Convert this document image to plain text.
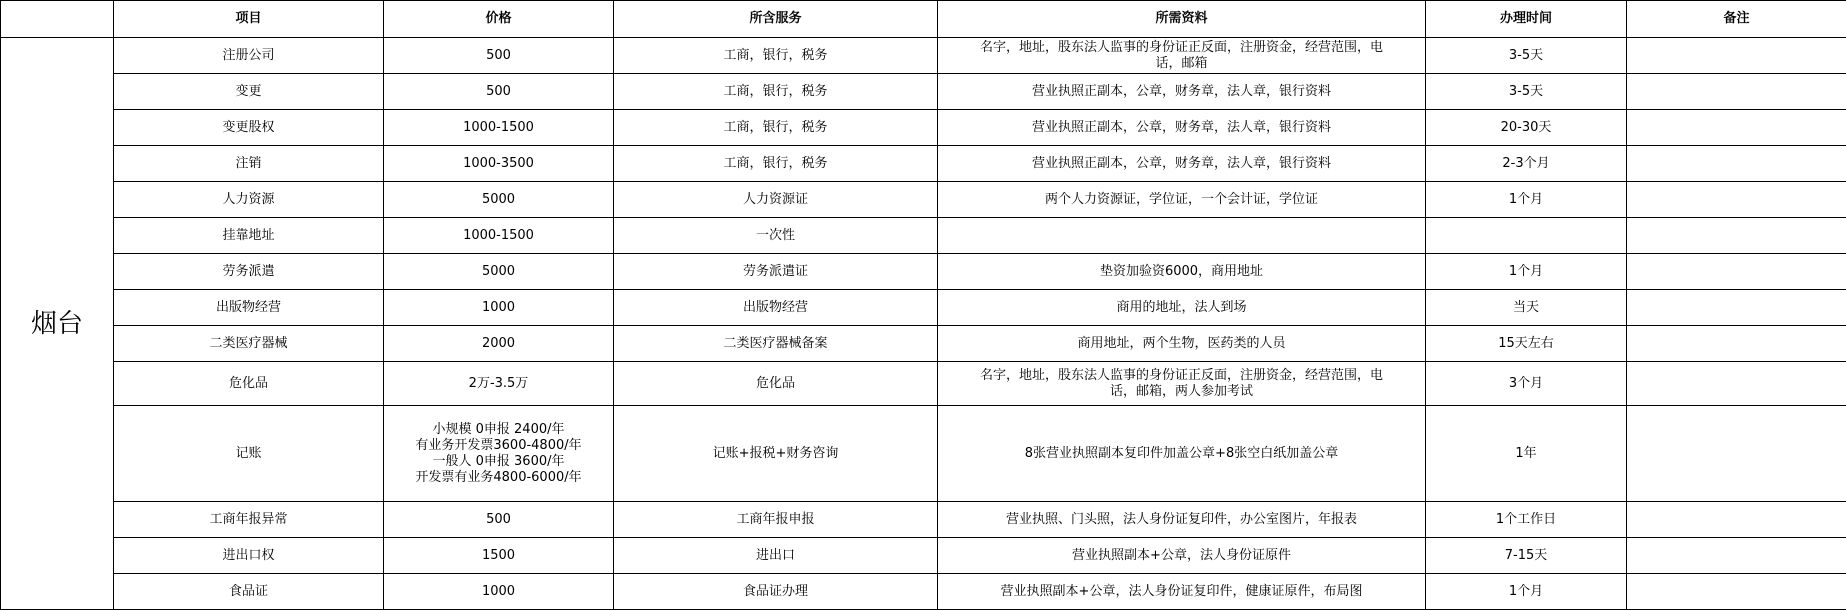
	项目	价格	所含服务	所需资料	办理时间	备注
烟台	注册公司	500	工商，银行，税务	名字，地址，股东法人监事的身份证正反面，注册资金，经营范围，电
话，邮箱	3-5天	
	变更	500	工商，银行，税务	营业执照正副本，公章，财务章，法人章，银行资料	3-5天	
	变更股权	1000-1500	工商，银行，税务	营业执照正副本，公章，财务章，法人章，银行资料	20-30天	
	注销	1000-3500	工商，银行，税务	营业执照正副本，公章，财务章，法人章，银行资料	2-3个月	
	人力资源	5000	人力资源证	两个人力资源证，学位证，一个会计证，学位证	1个月	
	挂靠地址	1000-1500	一次性			
	劳务派遣	5000	劳务派遣证	垫资加验资6000，商用地址	1个月	
	出版物经营	1000	出版物经营	商用的地址，法人到场	当天	
	二类医疗器械	2000	二类医疗器械备案	商用地址，两个生物，医药类的人员	15天左右	
	危化品	2万-3.5万	危化品	名字，地址，股东法人监事的身份证正反面，注册资金，经营范围，电
话，邮箱，两人参加考试	3个月	
	记账	小规模 0申报 2400/年
有业务开发票3600-4800/年
一般人 0申报 3600/年
开发票有业务4800-6000/年	记账+报税+财务咨询	8张营业执照副本复印件加盖公章+8张空白纸加盖公章	1年	
	工商年报异常	500	工商年报申报	营业执照、门头照，法人身份证复印件，办公室图片，年报表	1个工作日	
	进出口权	1500	进出口	营业执照副本+公章，法人身份证原件	7-15天	
	食品证	1000	食品证办理	营业执照副本+公章，法人身份证复印件，健康证原件，布局图	1个月	
